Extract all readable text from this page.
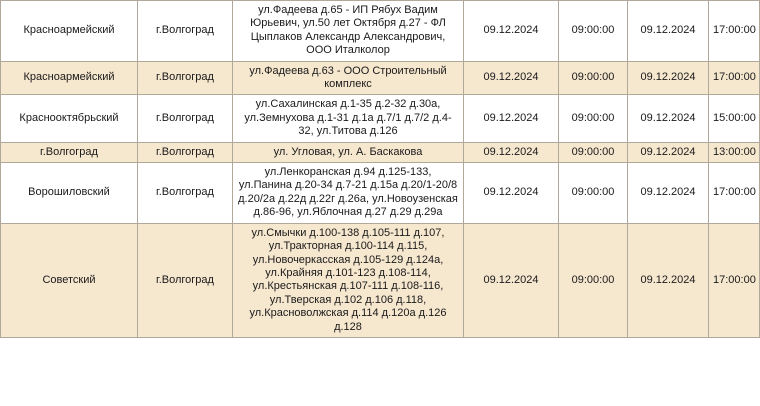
Красноармейский	г.Волгоград	ул.Фадеева д.65 - ИП Рябух Вадим Юрьевич, ул.50 лет Октября д.27 - ФЛ Цыплаков Александр Александрович, ООО Италколор	09.12.2024	09:00:00	09.12.2024	17:00:00
Красноармейский	г.Волгоград	ул.Фадеева д.63 - ООО Строительный комплекс	09.12.2024	09:00:00	09.12.2024	17:00:00
Краснооктябрьский	г.Волгоград	ул.Сахалинская д.1-35 д.2-32 д.30а, ул.Земнухова д.1-31 д.1а д.7/1 д.7/2 д.4-32, ул.Титова д.126	09.12.2024	09:00:00	09.12.2024	15:00:00
г.Волгоград	г.Волгоград	ул. Угловая, ул. А. Баскакова	09.12.2024	09:00:00	09.12.2024	13:00:00
Ворошиловский	г.Волгоград	ул.Ленкоранская д.94 д.125-133, ул.Панина д.20-34 д.7-21 д.15а д.20/1-20/8 д.20/2а д.22д д.22г д.26а, ул.Новоузенская д.86-96, ул.Яблочная д.27 д.29 д.29а	09.12.2024	09:00:00	09.12.2024	17:00:00
Советский	г.Волгоград	ул.Смычки д.100-138 д.105-111 д.107, ул.Тракторная д.100-114 д.115, ул.Новочеркасская д.105-129 д.124а, ул.Крайняя д.101-123 д.108-114, ул.Крестьянская д.107-111 д.108-116, ул.Тверская д.102 д.106 д.118, ул.Красноволжская д.114 д.120а д.126 д.128	09.12.2024	09:00:00	09.12.2024	17:00:00
